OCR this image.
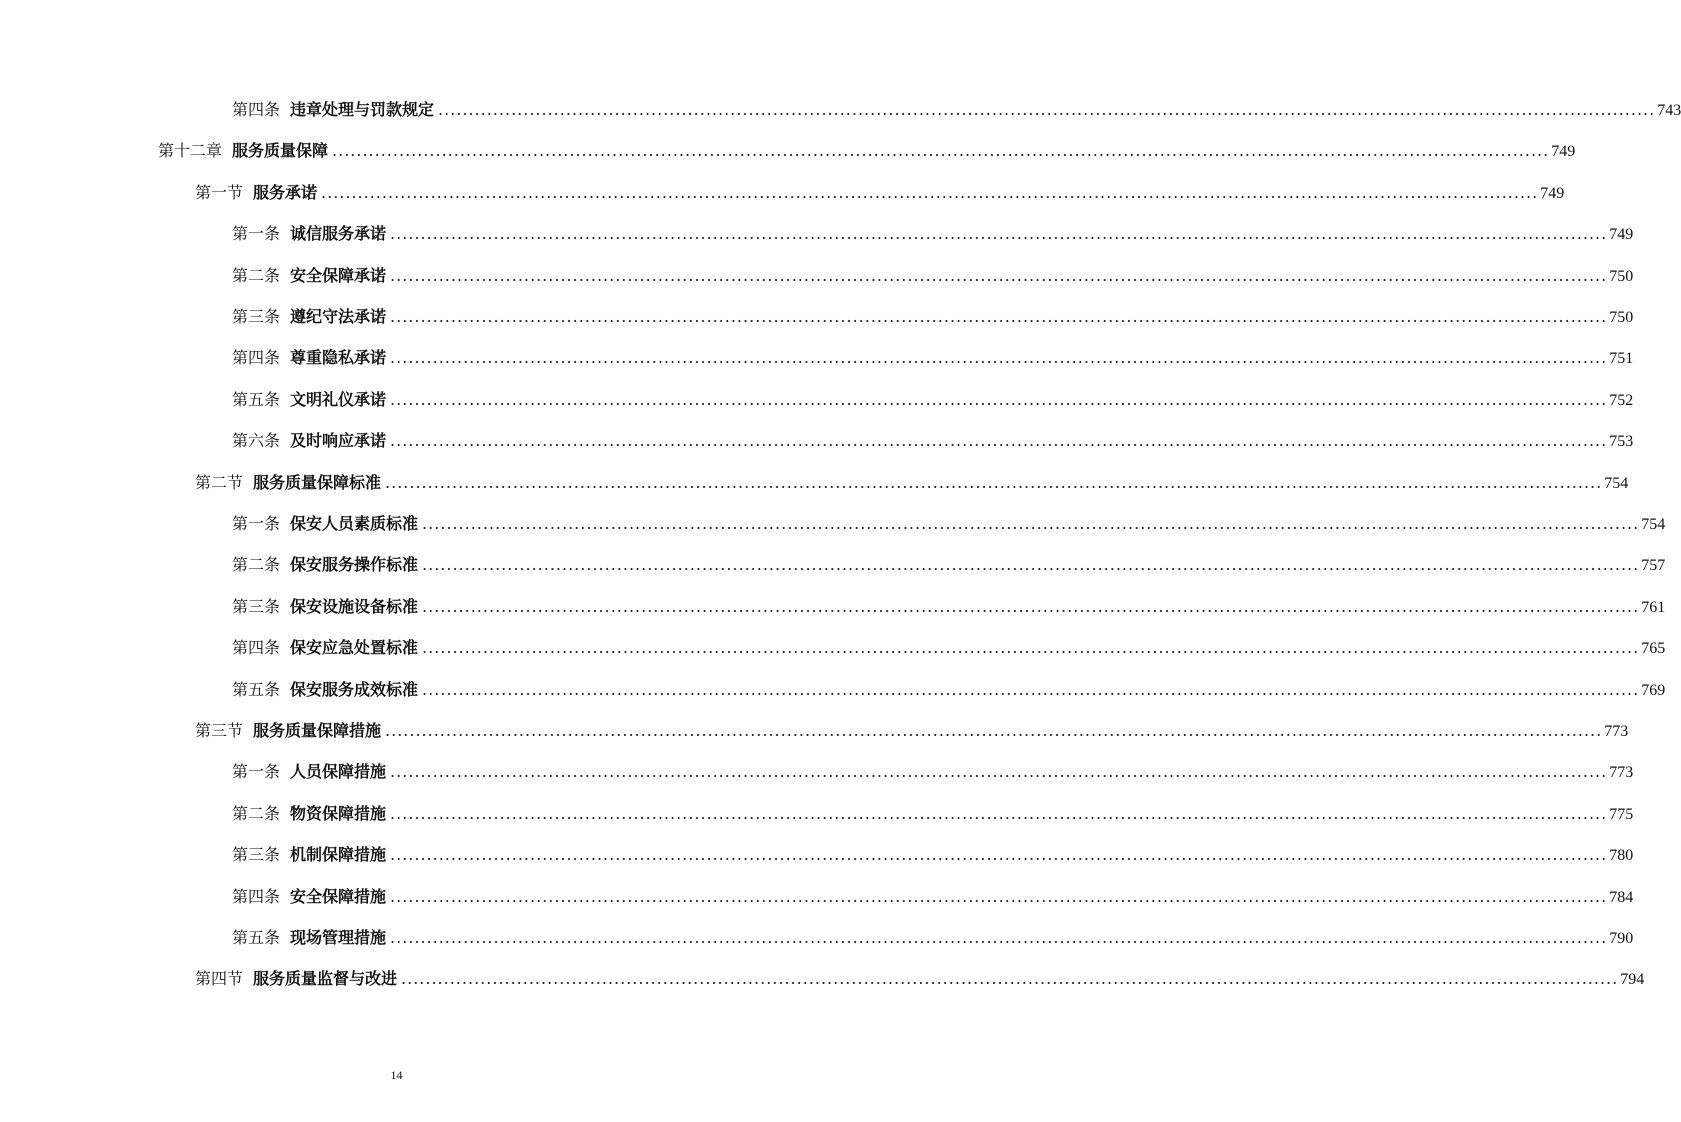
第四条 违章处理与罚款规定 ........................................................................................................................................................................................................ 743
第十二章 服务质量保障 ........................................................................................................................................................................................................ 749
第一节 服务承诺 ........................................................................................................................................................................................................ 749
第一条 诚信服务承诺 ........................................................................................................................................................................................................ 749
第二条 安全保障承诺 ........................................................................................................................................................................................................ 750
第三条 遵纪守法承诺 ........................................................................................................................................................................................................ 750
第四条 尊重隐私承诺 ........................................................................................................................................................................................................ 751
第五条 文明礼仪承诺 ........................................................................................................................................................................................................ 752
第六条 及时响应承诺 ........................................................................................................................................................................................................ 753
第二节 服务质量保障标准 ........................................................................................................................................................................................................ 754
第一条 保安人员素质标准 ........................................................................................................................................................................................................ 754
第二条 保安服务操作标准 ........................................................................................................................................................................................................ 757
第三条 保安设施设备标准 ........................................................................................................................................................................................................ 761
第四条 保安应急处置标准 ........................................................................................................................................................................................................ 765
第五条 保安服务成效标准 ........................................................................................................................................................................................................ 769
第三节 服务质量保障措施 ........................................................................................................................................................................................................ 773
第一条 人员保障措施 ........................................................................................................................................................................................................ 773
第二条 物资保障措施 ........................................................................................................................................................................................................ 775
第三条 机制保障措施 ........................................................................................................................................................................................................ 780
第四条 安全保障措施 ........................................................................................................................................................................................................ 784
第五条 现场管理措施 ........................................................................................................................................................................................................ 790
第四节 服务质量监督与改进 ........................................................................................................................................................................................................ 794
14
